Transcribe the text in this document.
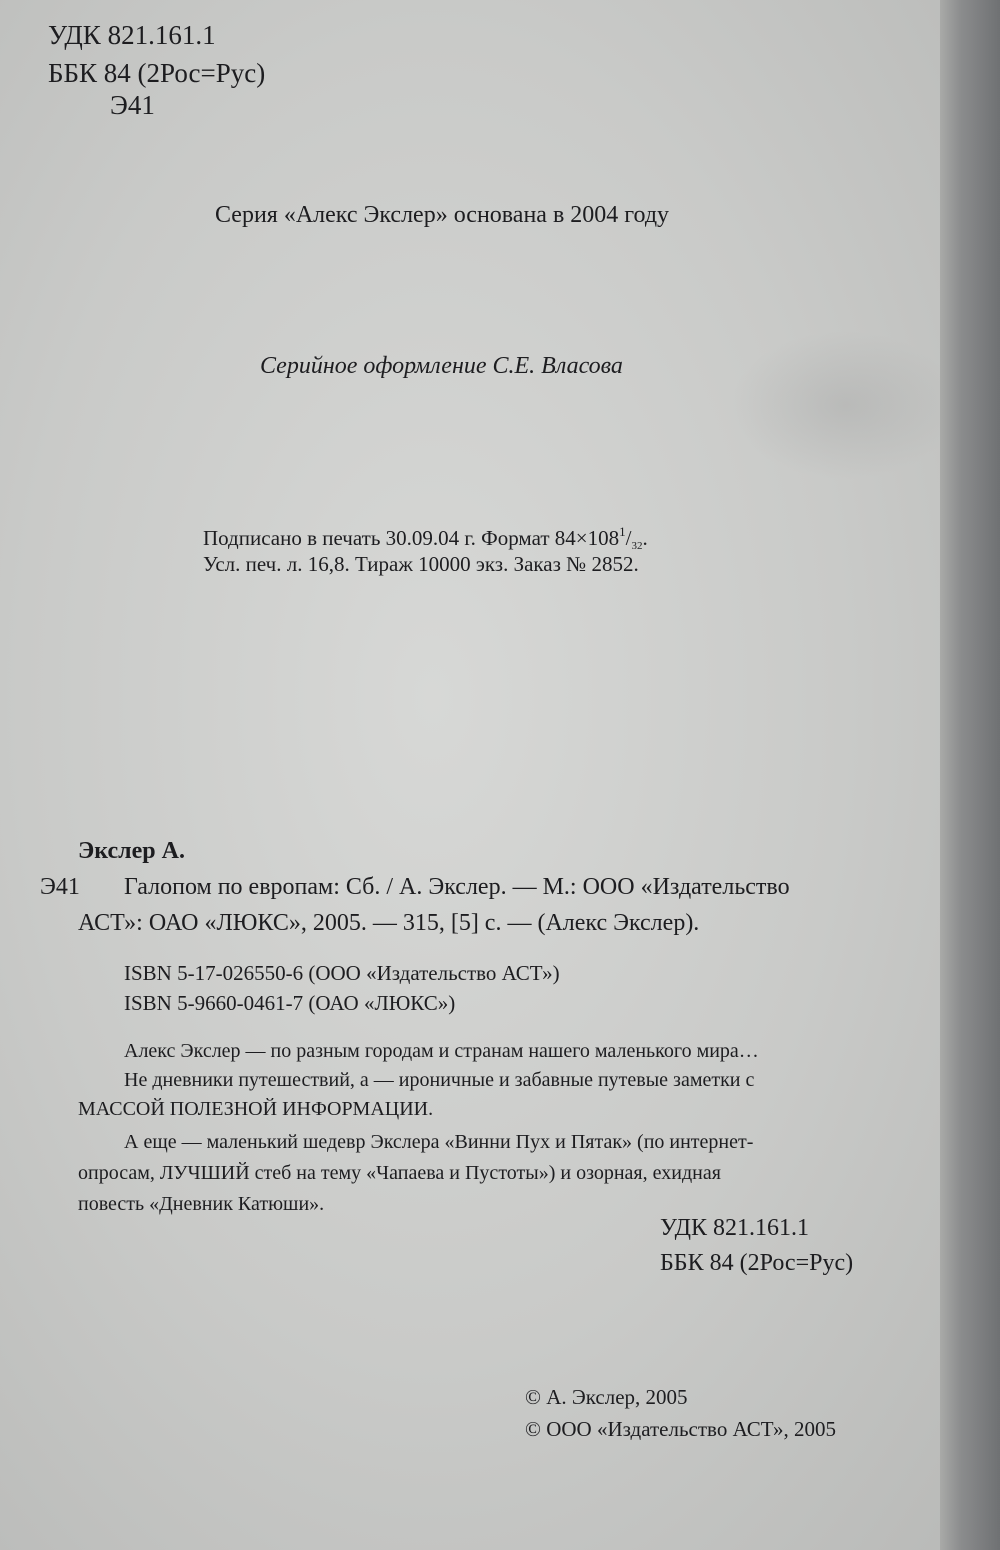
УДК 821.161.1
ББК 84 (2Рос=Рус)
Э41
Серия «Алекс Экслер» основана в 2004 году
Серийное оформление С.Е. Власова
Подписано в печать 30.09.04 г. Формат $84\times 108^1/_{32}$.
Усл. печ. л. 16,8. Тираж 10000 экз. Заказ № 2852.
Экслер А.
Э41 Галопом по европам: Сб. / А. Экслер. — М.: ООО «Издательство
АСТ»: ОАО «ЛЮКС», 2005. — 315, [5] с. — (Алекс Экслер).
ISBN 5-17-026550-6 (ООО «Издательство АСТ»)
ISBN 5-9660-0461-7 (ОАО «ЛЮКС»)
Алекс Экслер — по разным городам и странам нашего маленького мира…
Не дневники путешествий, а — ироничные и забавные путевые заметки с
МАССОЙ ПОЛЕЗНОЙ ИНФОРМАЦИИ.
А еще — маленький шедевр Экслера «Винни Пух и Пятак» (по интернет-
опросам, ЛУЧШИЙ стеб на тему «Чапаева и Пустоты») и озорная, ехидная
повесть «Дневник Катюши».
УДК 821.161.1
ББК 84 (2Рос=Рус)
© А. Экслер, 2005
© ООО «Издательство АСТ», 2005
